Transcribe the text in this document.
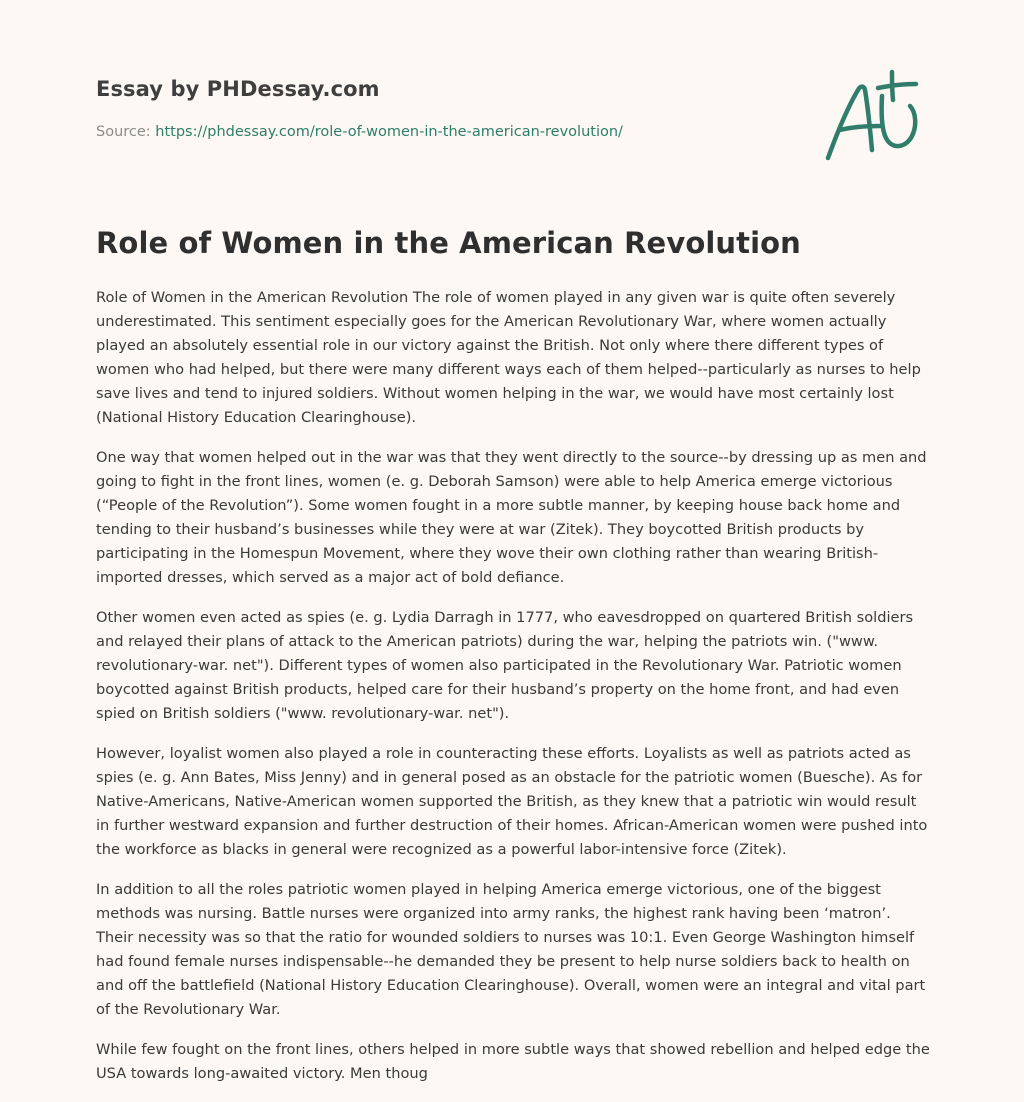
Essay by PHDessay.com
Source: https://phdessay.com/role-of-women-in-the-american-revolution/
Role of Women in the American Revolution

Role of Women in the American Revolution The role of women played in any given war is quite often severely underestimated. This sentiment especially goes for the American Revolutionary War, where women actually played an absolutely essential role in our victory against the British. Not only where there different types of women who had helped, but there were many different ways each of them helped--particularly as nurses to help save lives and tend to injured soldiers. Without women helping in the war, we would have most certainly lost (National History Education Clearinghouse).

One way that women helped out in the war was that they went directly to the source--by dressing up as men and going to fight in the front lines, women (e. g. Deborah Samson) were able to help America emerge victorious (“People of the Revolution”). Some women fought in a more subtle manner, by keeping house back home and tending to their husband’s businesses while they were at war (Zitek). They boycotted British products by participating in the Homespun Movement, where they wove their own clothing rather than wearing British-imported dresses, which served as a major act of bold defiance.

Other women even acted as spies (e. g. Lydia Darragh in 1777, who eavesdropped on quartered British soldiers and relayed their plans of attack to the American patriots) during the war, helping the patriots win. ("www. revolutionary-war. net"). Different types of women also participated in the Revolutionary War. Patriotic women boycotted against British products, helped care for their husband’s property on the home front, and had even spied on British soldiers ("www. revolutionary-war. net").

However, loyalist women also played a role in counteracting these efforts. Loyalists as well as patriots acted as spies (e. g. Ann Bates, Miss Jenny) and in general posed as an obstacle for the patriotic women (Buesche). As for Native-Americans, Native-American women supported the British, as they knew that a patriotic win would result in further westward expansion and further destruction of their homes. African-American women were pushed into the workforce as blacks in general were recognized as a powerful labor-intensive force (Zitek).

In addition to all the roles patriotic women played in helping America emerge victorious, one of the biggest methods was nursing. Battle nurses were organized into army ranks, the highest rank having been ‘matron’. Their necessity was so that the ratio for wounded soldiers to nurses was 10:1. Even George Washington himself had found female nurses indispensable--he demanded they be present to help nurse soldiers back to health on and off the battlefield (National History Education Clearinghouse). Overall, women were an integral and vital part of the Revolutionary War.

While few fought on the front lines, others helped in more subtle ways that showed rebellion and helped edge the USA towards long-awaited victory. Men thoug
